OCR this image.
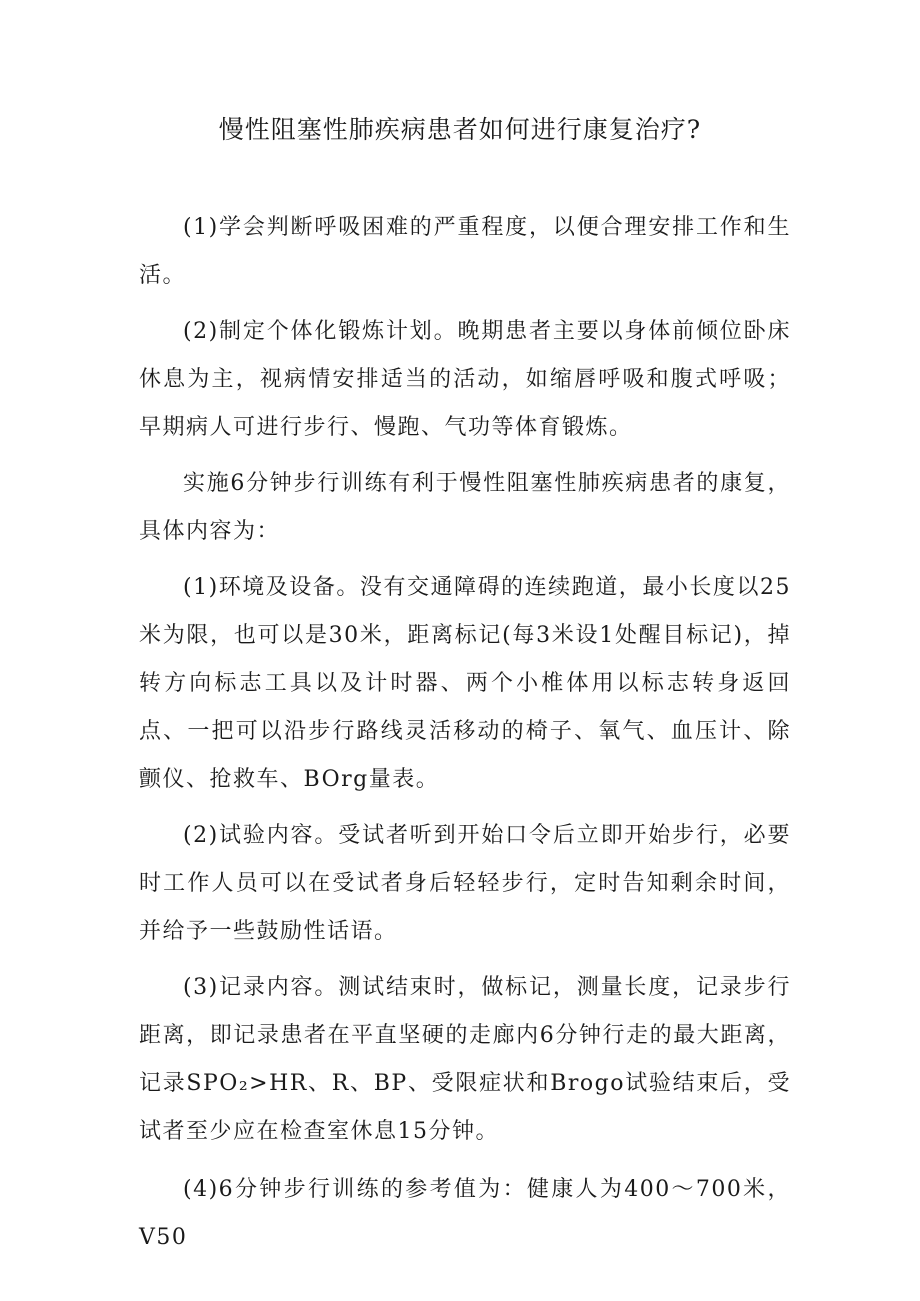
慢性阻塞性肺疾病患者如何进行康复治疗?

(1)学会判断呼吸困难的严重程度，以便合理安排工作和生活。

(2)制定个体化锻炼计划。晚期患者主要以身体前倾位卧床休息为主，视病情安排适当的活动，如缩唇呼吸和腹式呼吸；早期病人可进行步行、慢跑、气功等体育锻炼。

实施6分钟步行训练有利于慢性阻塞性肺疾病患者的康复，具体内容为：

(1)环境及设备。没有交通障碍的连续跑道，最小长度以25米为限，也可以是30米，距离标记(每3米设1处醒目标记)，掉转方向标志工具以及计时器、两个小椎体用以标志转身返回点、一把可以沿步行路线灵活移动的椅子、氧气、血压计、除颤仪、抢救车、BOrg量表。

(2)试验内容。受试者听到开始口令后立即开始步行，必要时工作人员可以在受试者身后轻轻步行，定时告知剩余时间，并给予一些鼓励性话语。

(3)记录内容。测试结束时，做标记，测量长度，记录步行距离，即记录患者在平直坚硬的走廊内6分钟行走的最大距离，记录SPO₂>HR、R、BP、受限症状和Brogo试验结束后，受试者至少应在检查室休息15分钟。

(4)6分钟步行训练的参考值为：健康人为400～700米，V50
